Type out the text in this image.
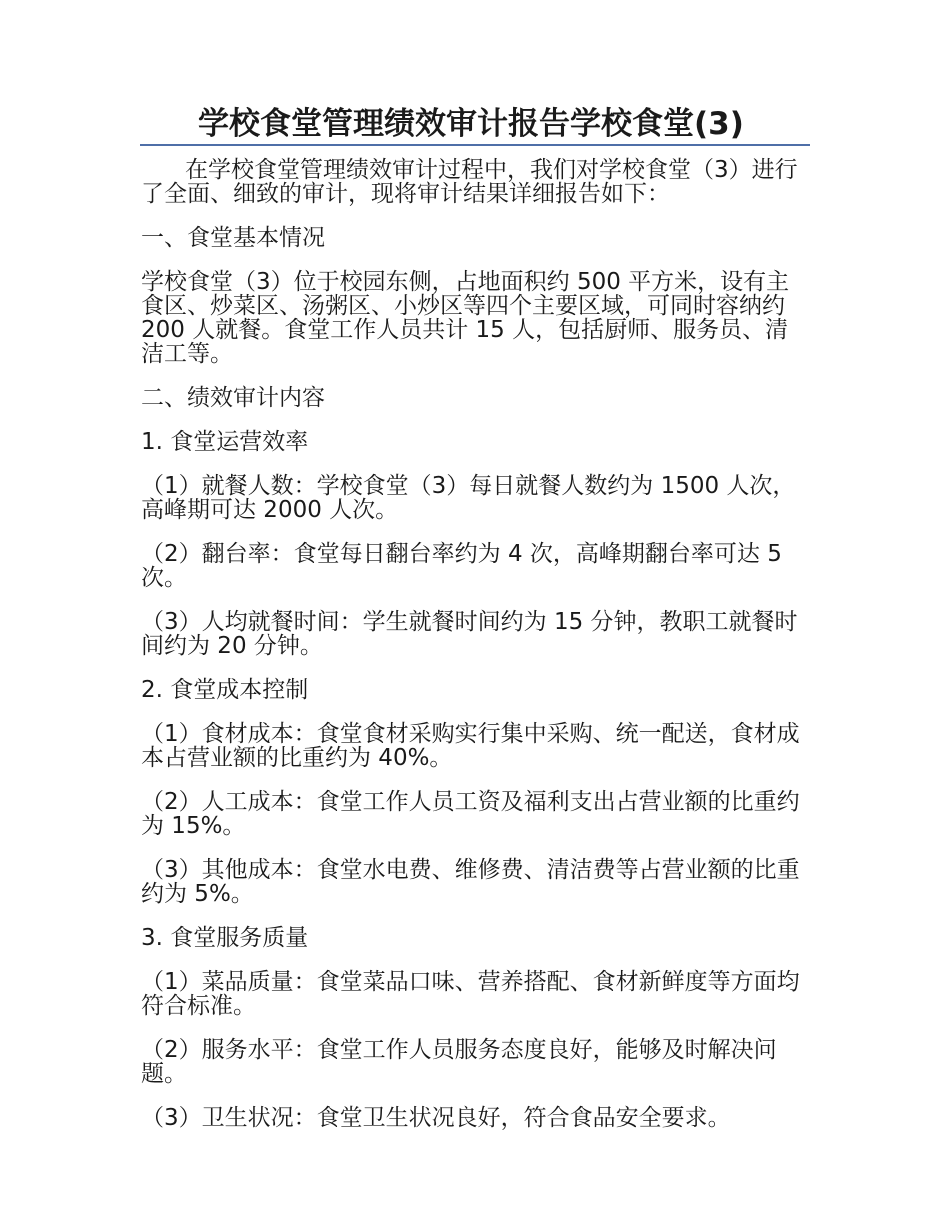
学校食堂管理绩效审计报告学校食堂(3)

在学校食堂管理绩效审计过程中，我们对学校食堂（3）进行了全面、细致的审计，现将审计结果详细报告如下：

一、食堂基本情况

学校食堂（3）位于校园东侧，占地面积约 500 平方米，设有主食区、炒菜区、汤粥区、小炒区等四个主要区域，可同时容纳约 200 人就餐。食堂工作人员共计 15 人，包括厨师、服务员、清洁工等。

二、绩效审计内容

1. 食堂运营效率

（1）就餐人数：学校食堂（3）每日就餐人数约为 1500 人次，高峰期可达 2000 人次。

（2）翻台率：食堂每日翻台率约为 4 次，高峰期翻台率可达 5 次。

（3）人均就餐时间：学生就餐时间约为 15 分钟，教职工就餐时间约为 20 分钟。

2. 食堂成本控制

（1）食材成本：食堂食材采购实行集中采购、统一配送，食材成本占营业额的比重约为 40%。

（2）人工成本：食堂工作人员工资及福利支出占营业额的比重约为 15%。

（3）其他成本：食堂水电费、维修费、清洁费等占营业额的比重约为 5%。

3. 食堂服务质量

（1）菜品质量：食堂菜品口味、营养搭配、食材新鲜度等方面均符合标准。

（2）服务水平：食堂工作人员服务态度良好，能够及时解决问题。

（3）卫生状况：食堂卫生状况良好，符合食品安全要求。
